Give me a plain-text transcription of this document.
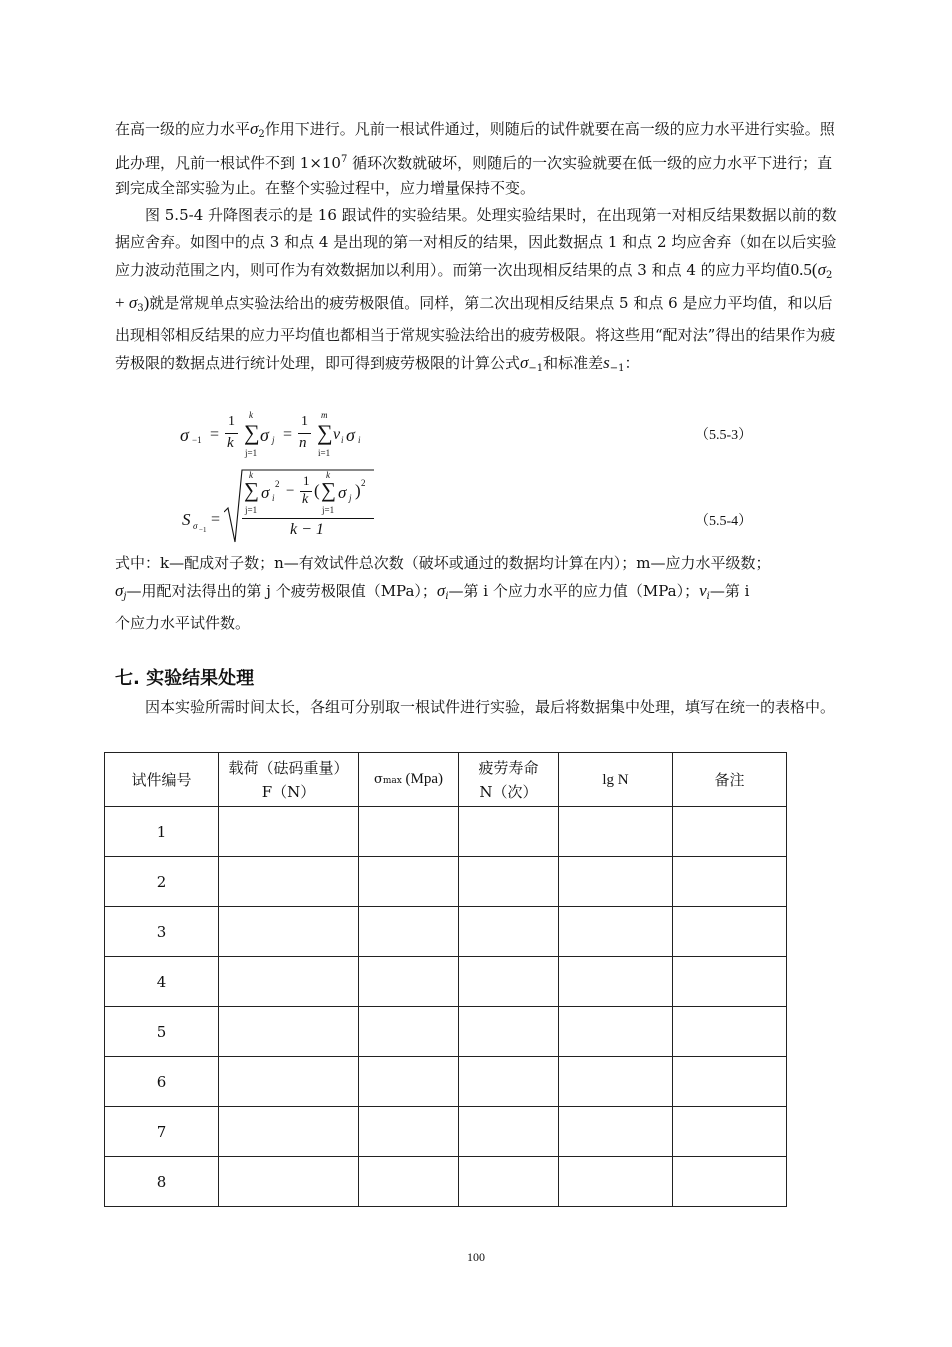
在高一级的应力水平$\sigma_2$作用下进行。凡前一根试件通过，则随后的试件就要在高一级的应力水平进行实验。照此办理，凡前一根试件不到 $1\times 10^7$ 循环次数就破坏，则随后的一次实验就要在低一级的应力水平下进行；直到完成全部实验为止。在整个实验过程中，应力增量保持不变。

图 5.5-4 升降图表示的是 16 跟试件的实验结果。处理实验结果时，在出现第一对相反结果数据以前的数据应舍弃。如图中的点 3 和点 4 是出现的第一对相反的结果，因此数据点 1 和点 2 均应舍弃（如在以后实验应力波动范围之内，则可作为有效数据加以利用）。而第一次出现相反结果的点 3 和点 4 的应力平均值$0.5(\sigma_2 + \sigma_3)$就是常规单点实验法给出的疲劳极限值。同样，第二次出现相反结果点 5 和点 6 是应力平均值，和以后出现相邻相反结果的应力平均值也都相当于常规实验法给出的疲劳极限。将这些用“配对法”得出的结果作为疲劳极限的数据点进行统计处理，即可得到疲劳极限的计算公式$\sigma_{-1}$和标准差$s_{-1}$：

σ −1 =
1
k ∑
k
j=1
σ j =
1
n ∑
m
i=1
v i σ i	（5.5-3）
S σ −1
=
∑
k
j=1
σ i
2 −
1
k ( ∑
k
j=1
σ j ) 2
k − 1	（5.5-4）

式中：k—配成对子数；n—有效试件总次数（破坏或通过的数据均计算在内）；m—应力水平级数；
$\sigma_j—$用配对法得出的第 j 个疲劳极限值（MPa）；$\sigma_i—$第 i 个应力水平的应力值（MPa）；$v_i—$第 i
个应力水平试件数。

七. 实验结果处理

因本实验所需时间太长，各组可分别取一根试件进行实验，最后将数据集中处理，填写在统一的表格中。

试件编号	载荷（砝码重量）
F（N）	σmax (Mpa)	疲劳寿命
N（次）	lg N	备注
1					
2					
3					
4					
5					
6					
7					
8					
100
